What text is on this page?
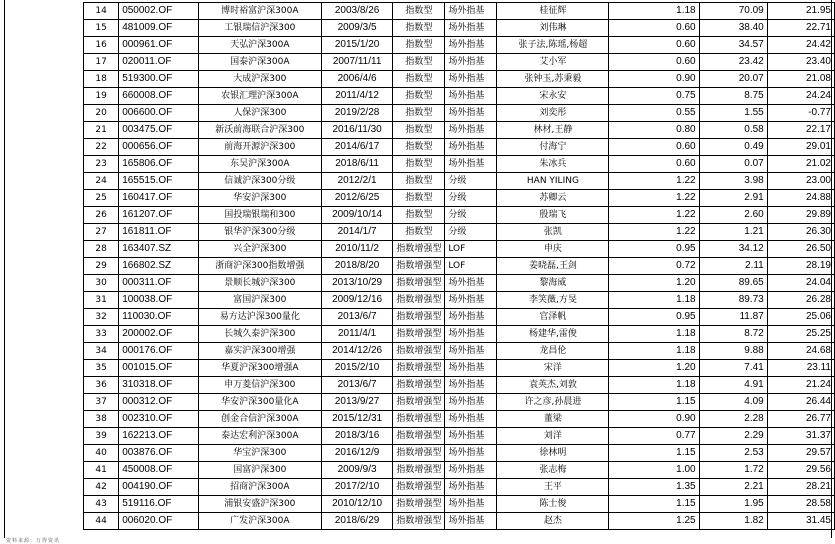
14	050002.OF	博时裕富沪深300A	2003/8/26	指数型	场外指基	桂征辉	1.18	70.09	21.95
15	481009.OF	工银瑞信沪深300	2009/3/5	指数型	场外指基	刘伟琳	0.60	38.40	22.71
16	000961.OF	天弘沪深300A	2015/1/20	指数型	场外指基	张子法,陈瑶,杨超	0.60	34.57	24.42
17	020011.OF	国泰沪深300A	2007/11/11	指数型	场外指基	艾小军	0.60	23.42	23.40
18	519300.OF	大成沪深300	2006/4/6	指数型	场外指基	张钟玉,苏秉毅	0.90	20.07	21.08
19	660008.OF	农银汇理沪深300A	2011/4/12	指数型	场外指基	宋永安	0.75	8.75	24.24
20	006600.OF	人保沪深300	2019/2/28	指数型	场外指基	刘奕彤	0.55	1.55	-0.77
21	003475.OF	新沃前海联合沪深300	2016/11/30	指数型	场外指基	林材,王静	0.80	0.58	22.17
22	000656.OF	前海开源沪深300	2014/6/17	指数型	场外指基	付海宁	0.60	0.49	29.01
23	165806.OF	东吴沪深300A	2018/6/11	指数型	场外指基	朱冰兵	0.60	0.07	21.02
24	165515.OF	信诚沪深300分级	2012/2/1	指数型	分级	HAN YILING	1.22	3.98	23.00
25	160417.OF	华安沪深300	2012/6/25	指数型	分级	苏卿云	1.22	2.91	24.88
26	161207.OF	国投瑞银瑞和300	2009/10/14	指数型	分级	殷瑞飞	1.22	2.60	29.89
27	161811.OF	银华沪深300分级	2014/1/7	指数型	分级	张凯	1.22	1.21	26.30
28	163407.SZ	兴全沪深300	2010/11/2	指数增强型	LOF	申庆	0.95	34.12	26.50
29	166802.SZ	浙商沪深300指数增强	2018/8/20	指数增强型	LOF	姜晓磊,王剑	0.72	2.11	28.19
30	000311.OF	景顺长城沪深300	2013/10/29	指数增强型	场外指基	黎海威	1.20	89.65	24.04
31	100038.OF	富国沪深300	2009/12/16	指数增强型	场外指基	李笑薇,方旻	1.18	89.73	26.28
32	110030.OF	易方达沪深300量化	2013/6/7	指数增强型	场外指基	官泽帆	0.95	11.87	25.06
33	200002.OF	长城久泰沪深300	2011/4/1	指数增强型	场外指基	杨建华,雷俊	1.18	8.72	25.25
34	000176.OF	嘉实沪深300增强	2014/12/26	指数增强型	场外指基	龙昌伦	1.18	9.88	24.68
35	001015.OF	华夏沪深300增强A	2015/2/10	指数增强型	场外指基	宋洋	1.20	7.41	23.11
36	310318.OF	申万菱信沪深300	2013/6/7	指数增强型	场外指基	袁英杰,刘敦	1.18	4.91	21.24
37	000312.OF	华安沪深300量化A	2013/9/27	指数增强型	场外指基	许之彦,孙晨进	1.15	4.09	26.44
38	002310.OF	创金合信沪深300A	2015/12/31	指数增强型	场外指基	董梁	0.90	2.28	26.77
39	162213.OF	泰达宏利沪深300A	2018/3/16	指数增强型	场外指基	刘洋	0.77	2.29	31.37
40	003876.OF	华宝沪深300	2016/12/9	指数增强型	场外指基	徐林明	1.15	2.53	29.57
41	450008.OF	国富沪深300	2009/9/3	指数增强型	场外指基	张志梅	1.00	1.72	29.56
42	004190.OF	招商沪深300A	2017/2/10	指数增强型	场外指基	王平	1.35	2.21	28.21
43	519116.OF	浦银安盛沪深300	2010/12/10	指数增强型	场外指基	陈士俊	1.15	1.95	28.58
44	006020.OF	广发沪深300A	2018/6/29	指数增强型	场外指基	赵杰	1.25	1.82	31.45
资料来源：万得资讯
